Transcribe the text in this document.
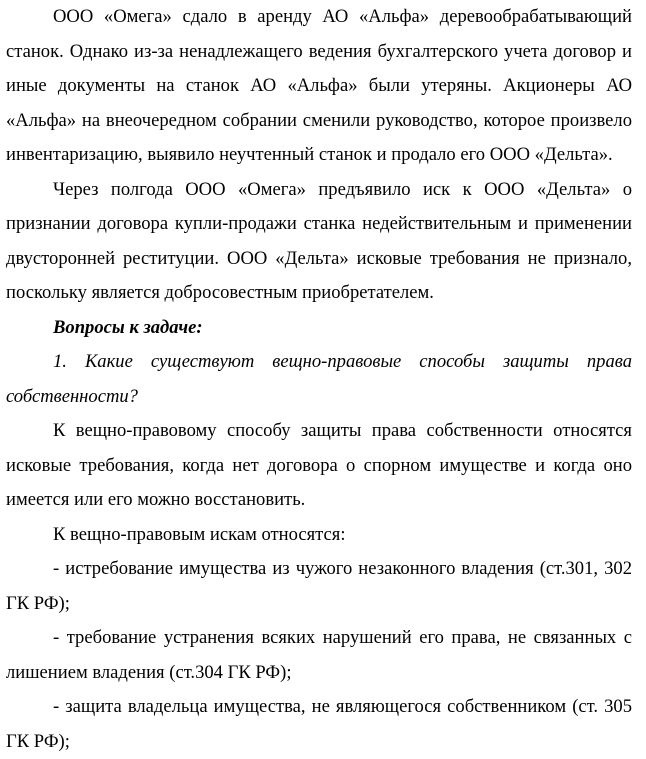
ООО «Омега» сдало в аренду АО «Альфа» деревообрабатывающий станок. Однако из-за ненадлежащего ведения бухгалтерского учета договор и иные документы на станок АО «Альфа» были утеряны. Акционеры АО «Альфа» на внеочередном собрании сменили руководство, которое произвело инвентаризацию, выявило неучтенный станок и продало его ООО «Дельта».

Через полгода ООО «Омега» предъявило иск к ООО «Дельта» о признании договора купли-продажи станка недействительным и применении двусторонней реституции. ООО «Дельта» исковые требования не признало, поскольку является добросовестным приобретателем.

Вопросы к задаче:

1. Какие существуют вещно-правовые способы защиты права собственности?

К вещно-правовому способу защиты права собственности относятся исковые требования, когда нет договора о спорном имуществе и когда оно имеется или его можно восстановить.

К вещно-правовым искам относятся:

- истребование имущества из чужого незаконного владения (ст.301, 302 ГК РФ);

- требование устранения всяких нарушений его права, не связанных с лишением владения (ст.304 ГК РФ);

- защита владельца имущества, не являющегося собственником (ст. 305 ГК РФ);
